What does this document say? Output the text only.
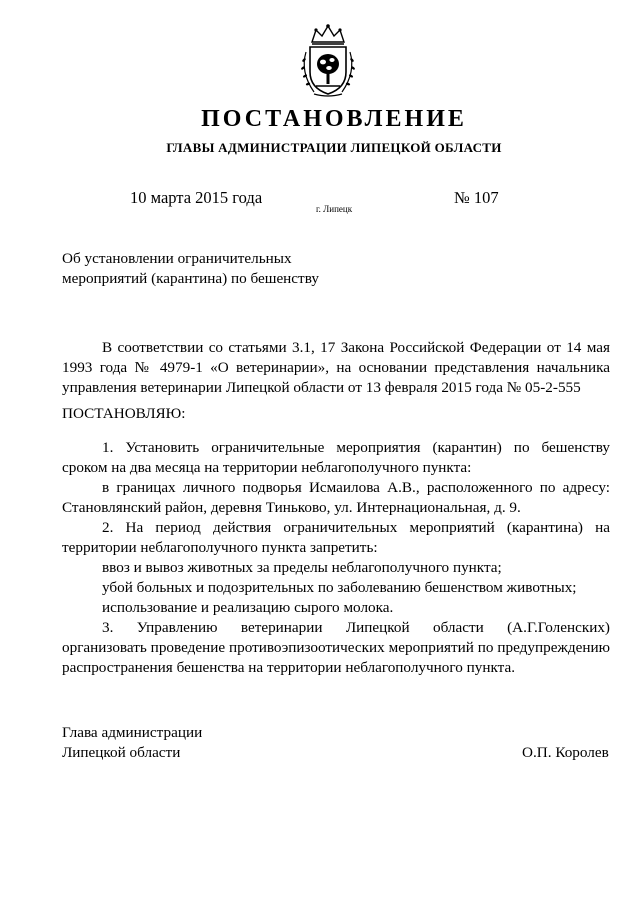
ПОСТАНОВЛЕНИЕ
ГЛАВЫ АДМИНИСТРАЦИИ ЛИПЕЦКОЙ ОБЛАСТИ
10 марта 2015 года
г. Липецк
№ 107
Об установлении ограничительных
мероприятий (карантина) по бешенству
В соответствии со статьями 3.1, 17 Закона Российской Федерации от 14 мая
1993 года № 4979-1 «О ветеринарии», на основании представления начальника
управления ветеринарии Липецкой области от 13 февраля 2015 года № 05-2-555
ПОСТАНОВЛЯЮ:
1. Установить ограничительные мероприятия (карантин) по бешенству
сроком на два месяца на территории неблагополучного пункта:
в границах личного подворья Исмаилова А.В., расположенного по адресу:
Становлянский район, деревня Тиньково, ул. Интернациональная, д. 9.
2. На период действия ограничительных мероприятий (карантина) на
территории неблагополучного пункта запретить:
ввоз и вывоз животных за пределы неблагополучного пункта;
убой больных и подозрительных по заболеванию бешенством животных;
использование и реализацию сырого молока.
3. Управлению ветеринарии Липецкой области (А.Г.Голенских)
организовать проведение противоэпизоотических мероприятий по предупреждению
распространения бешенства на территории неблагополучного пункта.
Глава администрации
Липецкой области	О.П. Королев
